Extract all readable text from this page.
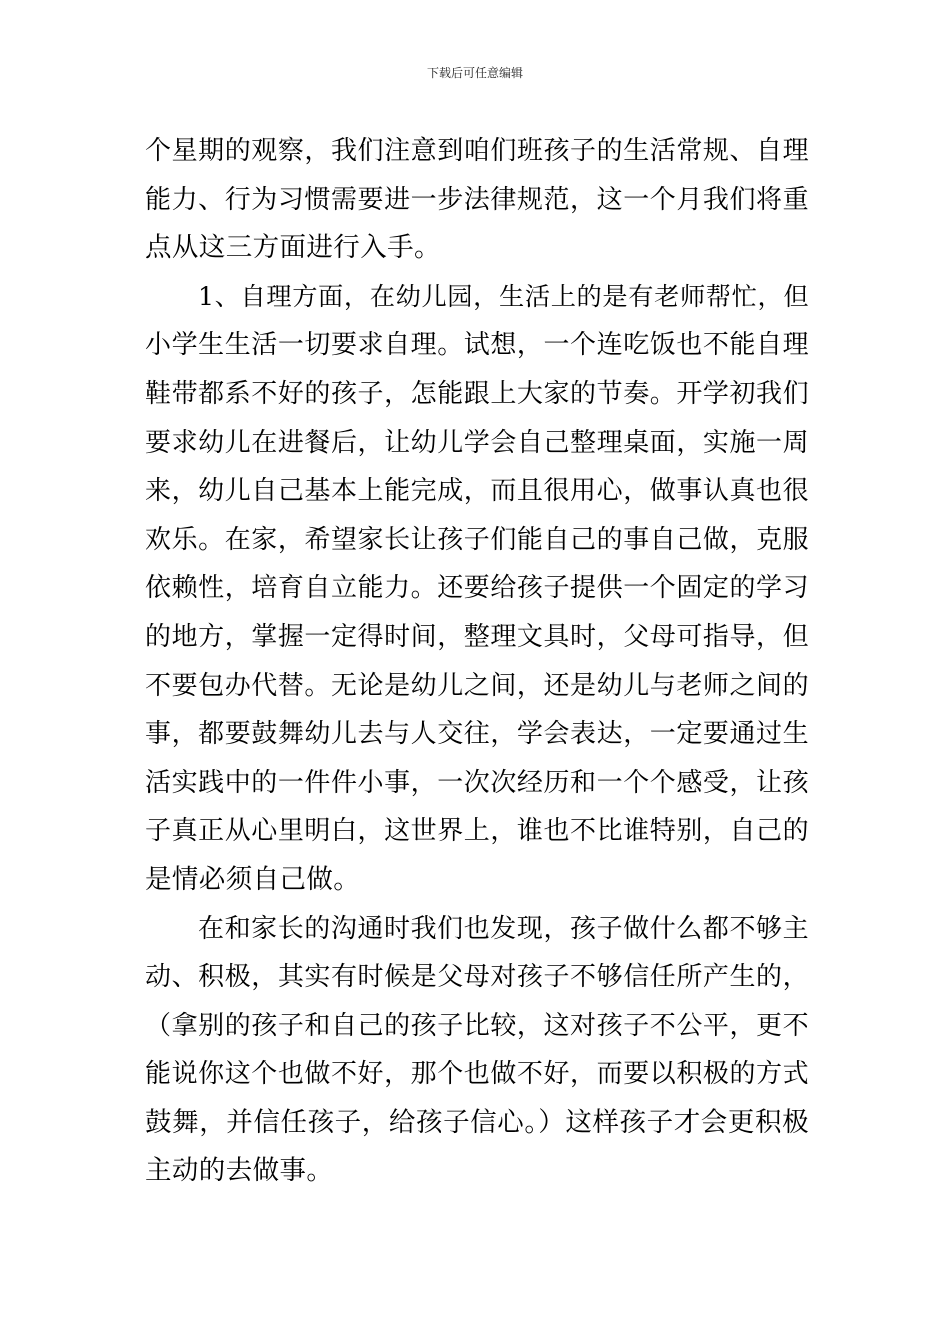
下载后可任意编辑

个星期的观察，我们注意到咱们班孩子的生活常规、自理
能力、行为习惯需要进一步法律规范，这一个月我们将重
点从这三方面进行入手。

1、自理方面，在幼儿园，生活上的是有老师帮忙，但
小学生生活一切要求自理。试想，一个连吃饭也不能自理
鞋带都系不好的孩子，怎能跟上大家的节奏。开学初我们
要求幼儿在进餐后，让幼儿学会自己整理桌面，实施一周
来，幼儿自己基本上能完成，而且很用心，做事认真也很
欢乐。在家，希望家长让孩子们能自己的事自己做，克服
依赖性，培育自立能力。还要给孩子提供一个固定的学习
的地方，掌握一定得时间，整理文具时，父母可指导，但
不要包办代替。无论是幼儿之间，还是幼儿与老师之间的
事，都要鼓舞幼儿去与人交往，学会表达，一定要通过生
活实践中的一件件小事，一次次经历和一个个感受，让孩
子真正从心里明白，这世界上，谁也不比谁特别，自己的
是情必须自己做。

在和家长的沟通时我们也发现，孩子做什么都不够主
动、积极，其实有时候是父母对孩子不够信任所产生的，
（拿别的孩子和自己的孩子比较，这对孩子不公平，更不
能说你这个也做不好，那个也做不好，而要以积极的方式
鼓舞，并信任孩子，给孩子信心。）这样孩子才会更积极
主动的去做事。
